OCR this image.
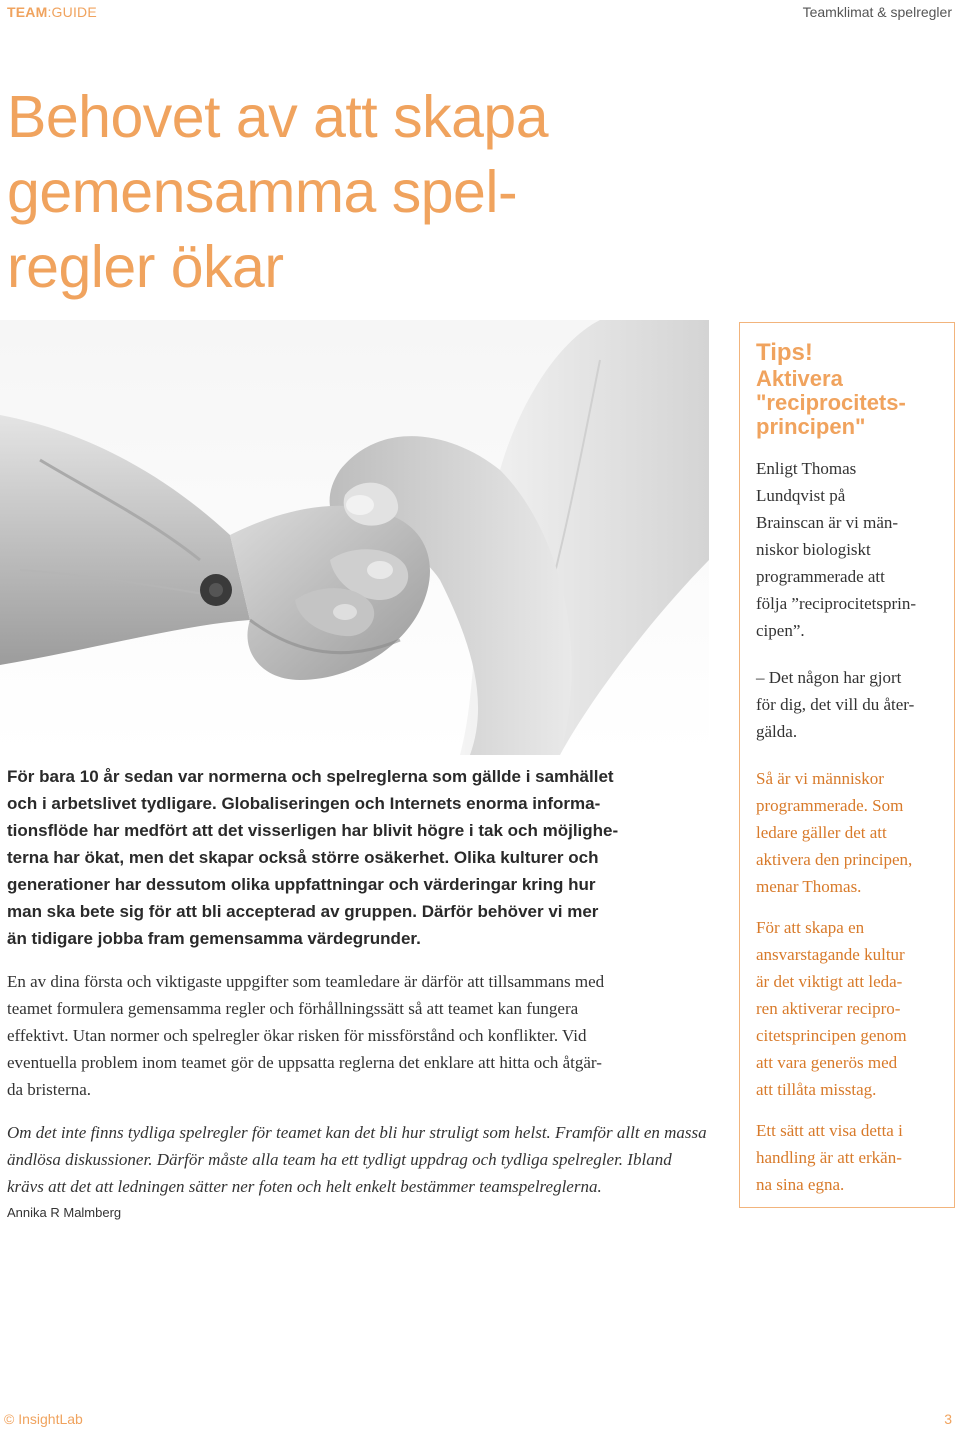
TEAM:GUIDE	Teamklimat & spelregler
Behovet av att skapa
gemensamma spel-
regler ökar
Tips!
Aktivera
"reciprocitets-
principen"

Enligt Thomas
Lundqvist på
Brainscan är vi män-
niskor biologiskt
programmerade att
följa ”reciprocitetsprin-
cipen”.

– Det någon har gjort
för dig, det vill du åter-
gälda.

Så är vi människor
programmerade. Som
ledare gäller det att
aktivera den principen,
menar Thomas.

För att skapa en
ansvarstagande kultur
är det viktigt att leda-
ren aktiverar recipro-
citetsprincipen genom
att vara generös med
att tillåta misstag.

Ett sätt att visa detta i
handling är att erkän-
na sina egna.

För bara 10 år sedan var normerna och spelreglerna som gällde i samhället
och i arbetslivet tydligare. Globaliseringen och Internets enorma informa-
tionsflöde har medfört att det visserligen har blivit högre i tak och möjlighe-
terna har ökat, men det skapar också större osäkerhet. Olika kulturer och
generationer har dessutom olika uppfattningar och värderingar kring hur
man ska bete sig för att bli accepterad av gruppen. Därför behöver vi mer
än tidigare jobba fram gemensamma värdegrunder.
En av dina första och viktigaste uppgifter som teamledare är därför att tillsammans med
teamet formulera gemensamma regler och förhållningssätt så att teamet kan fungera
effektivt. Utan normer och spelregler ökar risken för missförstånd och konflikter. Vid
eventuella problem inom teamet gör de uppsatta reglerna det enklare att hitta och åtgär-
da bristerna.
Om det inte finns tydliga spelregler för teamet kan det bli hur struligt som helst. Framför allt en massa
ändlösa diskussioner. Därför måste alla team ha ett tydligt uppdrag och tydliga spelregler. Ibland
krävs att det att ledningen sätter ner foten och helt enkelt bestämmer teamspelreglerna.
Annika R Malmberg
© InsightLab	3
